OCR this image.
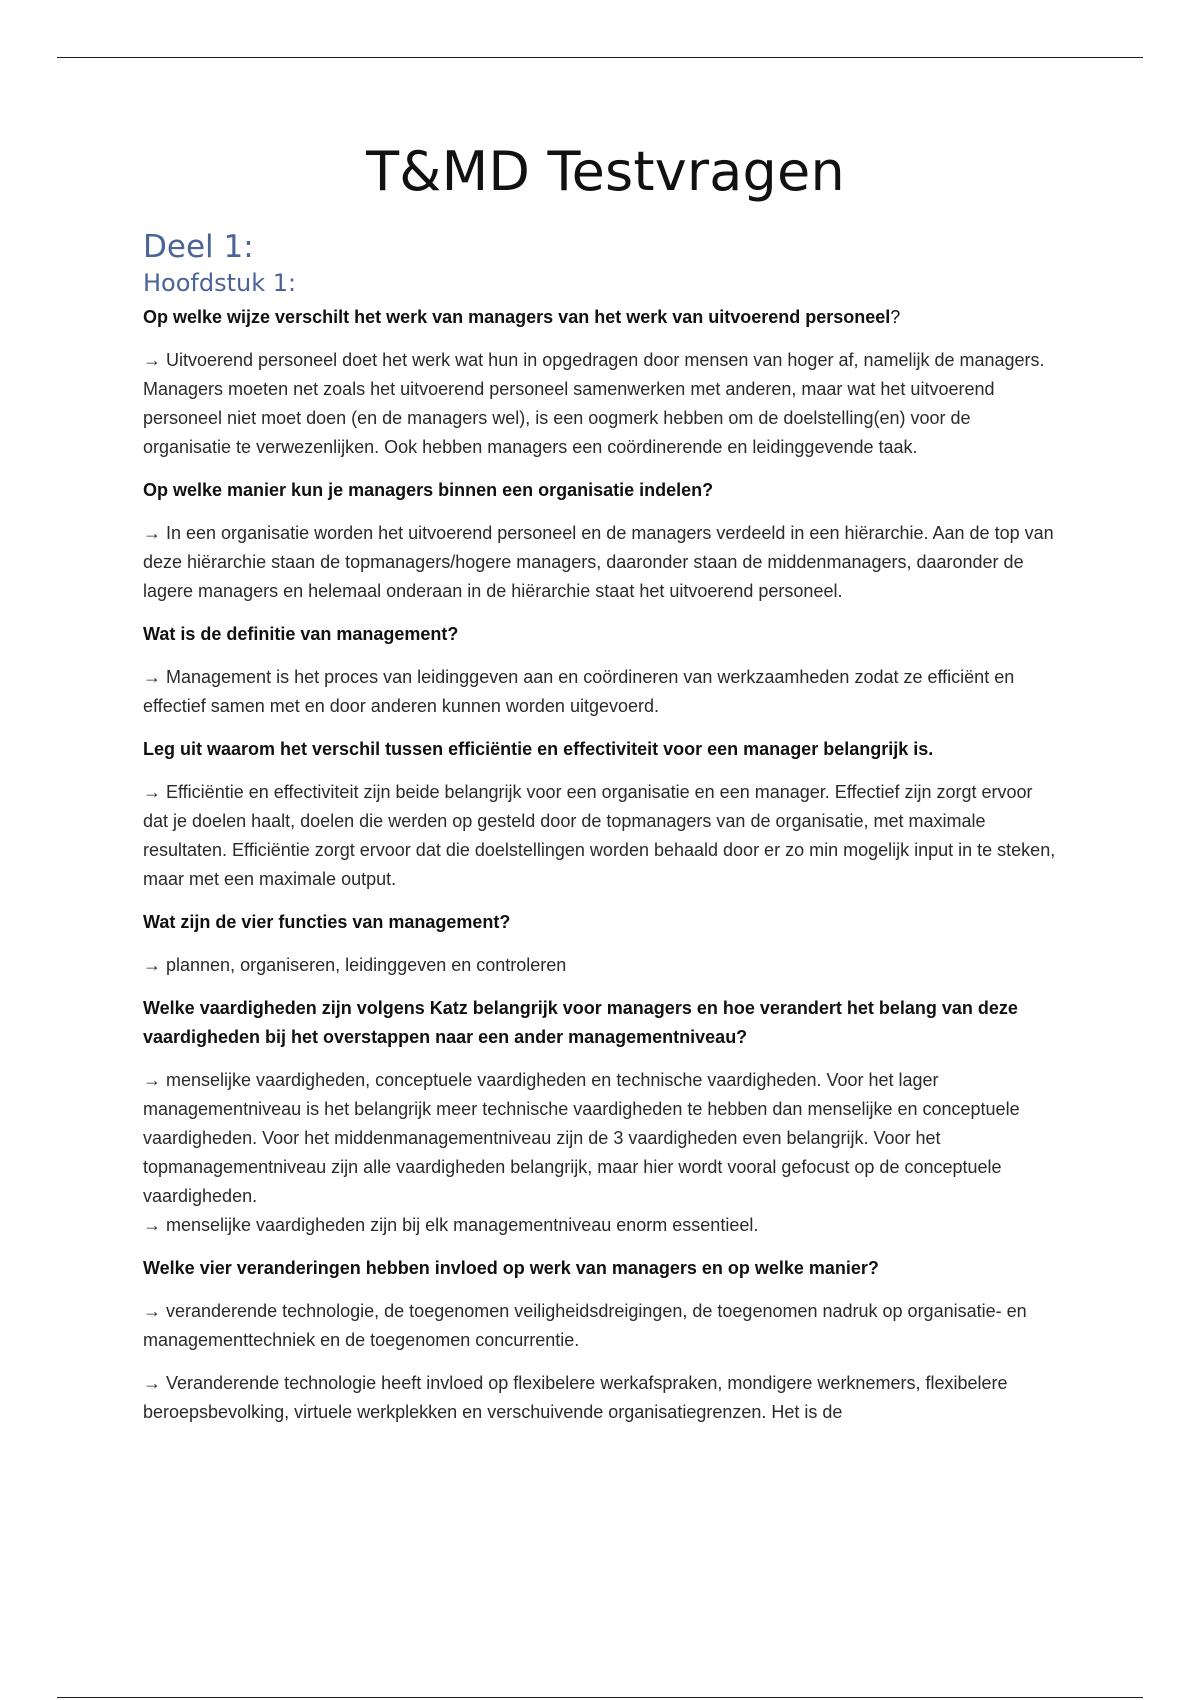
T&MD Testvragen
Deel 1:
Hoofdstuk 1:
Op welke wijze verschilt het werk van managers van het werk van uitvoerend personeel?

→ Uitvoerend personeel doet het werk wat hun in opgedragen door mensen van hoger af, namelijk de managers. Managers moeten net zoals het uitvoerend personeel samenwerken met anderen, maar wat het uitvoerend personeel niet moet doen (en de managers wel), is een oogmerk hebben om de doelstelling(en) voor de organisatie te verwezenlijken. Ook hebben managers een coördinerende en leidinggevende taak.

Op welke manier kun je managers binnen een organisatie indelen?

→ In een organisatie worden het uitvoerend personeel en de managers verdeeld in een hiërarchie. Aan de top van deze hiërarchie staan de topmanagers/hogere managers, daaronder staan de middenmanagers, daaronder de lagere managers en helemaal onderaan in de hiërarchie staat het uitvoerend personeel.

Wat is de definitie van management?

→ Management is het proces van leidinggeven aan en coördineren van werkzaamheden zodat ze efficiënt en effectief samen met en door anderen kunnen worden uitgevoerd.

Leg uit waarom het verschil tussen efficiëntie en effectiviteit voor een manager belangrijk is.

→ Efficiëntie en effectiviteit zijn beide belangrijk voor een organisatie en een manager. Effectief zijn zorgt ervoor dat je doelen haalt, doelen die werden op gesteld door de topmanagers van de organisatie, met maximale resultaten. Efficiëntie zorgt ervoor dat die doelstellingen worden behaald door er zo min mogelijk input in te steken, maar met een maximale output.

Wat zijn de vier functies van management?

→ plannen, organiseren, leidinggeven en controleren

Welke vaardigheden zijn volgens Katz belangrijk voor managers en hoe verandert het belang van deze vaardigheden bij het overstappen naar een ander managementniveau?

→ menselijke vaardigheden, conceptuele vaardigheden en technische vaardigheden. Voor het lager managementniveau is het belangrijk meer technische vaardigheden te hebben dan menselijke en conceptuele vaardigheden. Voor het middenmanagementniveau zijn de 3 vaardigheden even belangrijk. Voor het topmanagementniveau zijn alle vaardigheden belangrijk, maar hier wordt vooral gefocust op de conceptuele vaardigheden.

→ menselijke vaardigheden zijn bij elk managementniveau enorm essentieel.

Welke vier veranderingen hebben invloed op werk van managers en op welke manier?

→ veranderende technologie, de toegenomen veiligheidsdreigingen, de toegenomen nadruk op organisatie- en managementtechniek en de toegenomen concurrentie.

→ Veranderende technologie heeft invloed op flexibelere werkafspraken, mondigere werknemers, flexibelere beroepsbevolking, virtuele werkplekken en verschuivende organisatiegrenzen. Het is de
